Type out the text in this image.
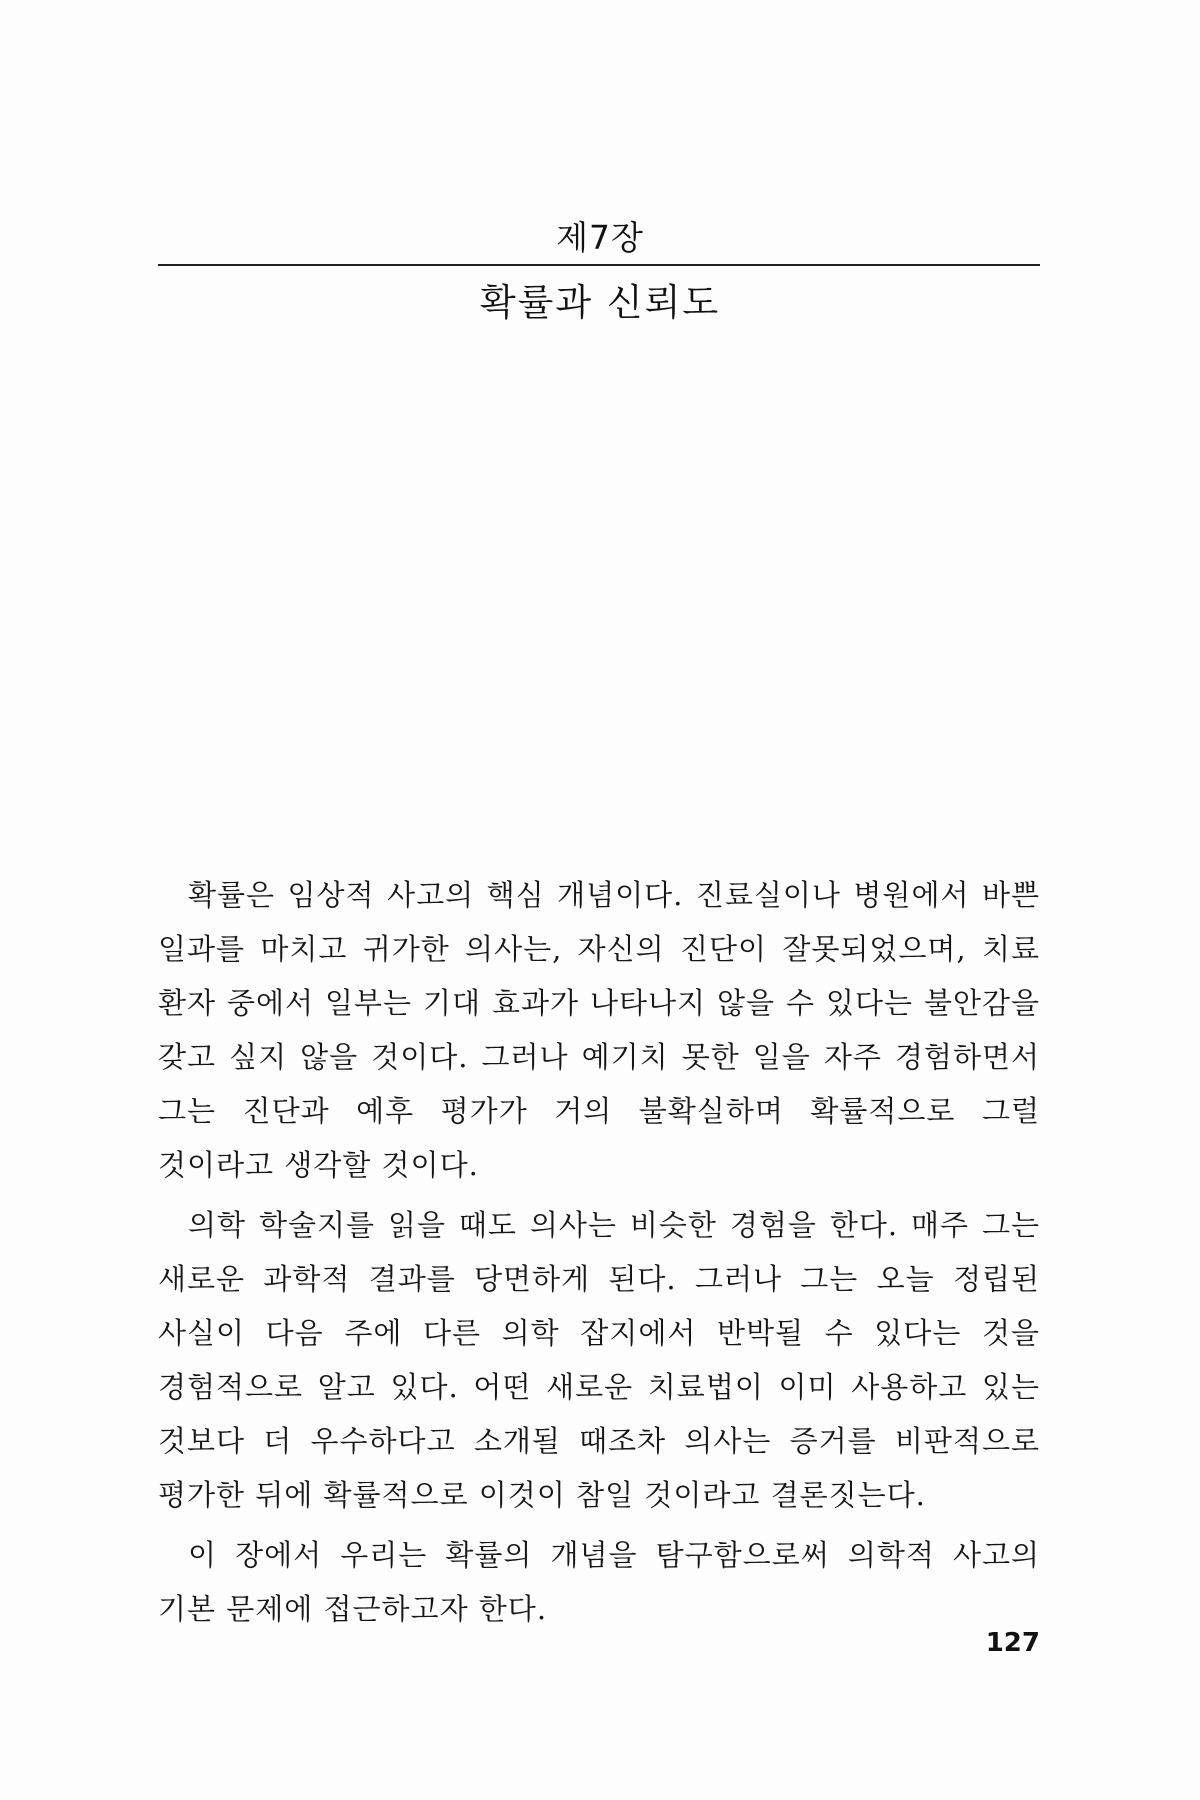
제7장
확률과 신뢰도

확률은 임상적 사고의 핵심 개념이다. 진료실이나 병원에서 바쁜 일과를 마치고 귀가한 의사는, 자신의 진단이 잘못되었으며, 치료 환자 중에서 일부는 기대 효과가 나타나지 않을 수 있다는 불안감을 갖고 싶지 않을 것이다. 그러나 예기치 못한 일을 자주 경험하면서 그는 진단과 예후 평가가 거의 불확실하며 확률적으로 그럴 것이라고 생각할 것이다.

의학 학술지를 읽을 때도 의사는 비슷한 경험을 한다. 매주 그는 새로운 과학적 결과를 당면하게 된다. 그러나 그는 오늘 정립된 사실이 다음 주에 다른 의학 잡지에서 반박될 수 있다는 것을 경험적으로 알고 있다. 어떤 새로운 치료법이 이미 사용하고 있는 것보다 더 우수하다고 소개될 때조차 의사는 증거를 비판적으로 평가한 뒤에 확률적으로 이것이 참일 것이라고 결론짓는다.

이 장에서 우리는 확률의 개념을 탐구함으로써 의학적 사고의 기본 문제에 접근하고자 한다.

127
